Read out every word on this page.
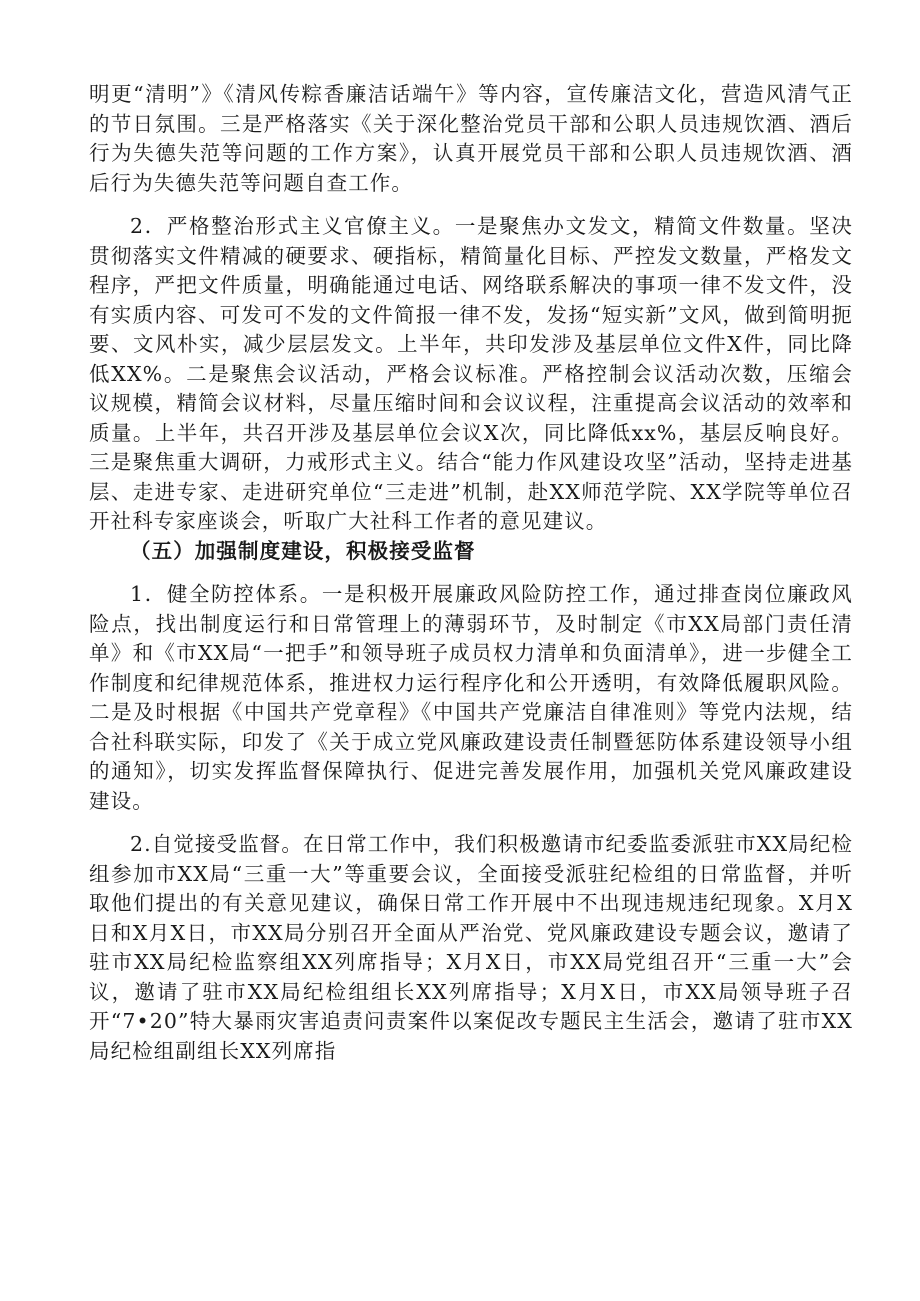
明更“清明”》《清风传粽香廉洁话端午》等内容，宣传廉洁文化，营造风清气正的节日氛围。三是严格落实《关于深化整治党员干部和公职人员违规饮酒、酒后行为失德失范等问题的工作方案》，认真开展党员干部和公职人员违规饮酒、酒后行为失德失范等问题自查工作。

2．严格整治形式主义官僚主义。一是聚焦办文发文，精简文件数量。坚决贯彻落实文件精减的硬要求、硬指标，精简量化目标、严控发文数量，严格发文程序，严把文件质量，明确能通过电话、网络联系解决的事项一律不发文件，没有实质内容、可发可不发的文件简报一律不发，发扬“短实新”文风，做到简明扼要、文风朴实，减少层层发文。上半年，共印发涉及基层单位文件X件，同比降低XX%。二是聚焦会议活动，严格会议标准。严格控制会议活动次数，压缩会议规模，精简会议材料，尽量压缩时间和会议议程，注重提高会议活动的效率和质量。上半年，共召开涉及基层单位会议X次，同比降低xx%，基层反响良好。三是聚焦重大调研，力戒形式主义。结合“能力作风建设攻坚”活动，坚持走进基层、走进专家、走进研究单位“三走进”机制，赴XX师范学院、XX学院等单位召开社科专家座谈会，听取广大社科工作者的意见建议。

（五）加强制度建设，积极接受监督

1．健全防控体系。一是积极开展廉政风险防控工作，通过排查岗位廉政风险点，找出制度运行和日常管理上的薄弱环节，及时制定《市XX局部门责任清单》和《市XX局“一把手”和领导班子成员权力清单和负面清单》，进一步健全工作制度和纪律规范体系，推进权力运行程序化和公开透明，有效降低履职风险。二是及时根据《中国共产党章程》《中国共产党廉洁自律准则》等党内法规，结合社科联实际，印发了《关于成立党风廉政建设责任制暨惩防体系建设领导小组的通知》，切实发挥监督保障执行、促进完善发展作用，加强机关党风廉政建设建设。

2.自觉接受监督。在日常工作中，我们积极邀请市纪委监委派驻市XX局纪检组参加市XX局“三重一大”等重要会议，全面接受派驻纪检组的日常监督，并听取他们提出的有关意见建议，确保日常工作开展中不出现违规违纪现象。X月X日和X月X日，市XX局分别召开全面从严治党、党风廉政建设专题会议，邀请了驻市XX局纪检监察组XX列席指导；X月X日，市XX局党组召开“三重一大”会议，邀请了驻市XX局纪检组组长XX列席指导；X月X日，市XX局领导班子召开“7•20”特大暴雨灾害追责问责案件以案促改专题民主生活会，邀请了驻市XX局纪检组副组长XX列席指
